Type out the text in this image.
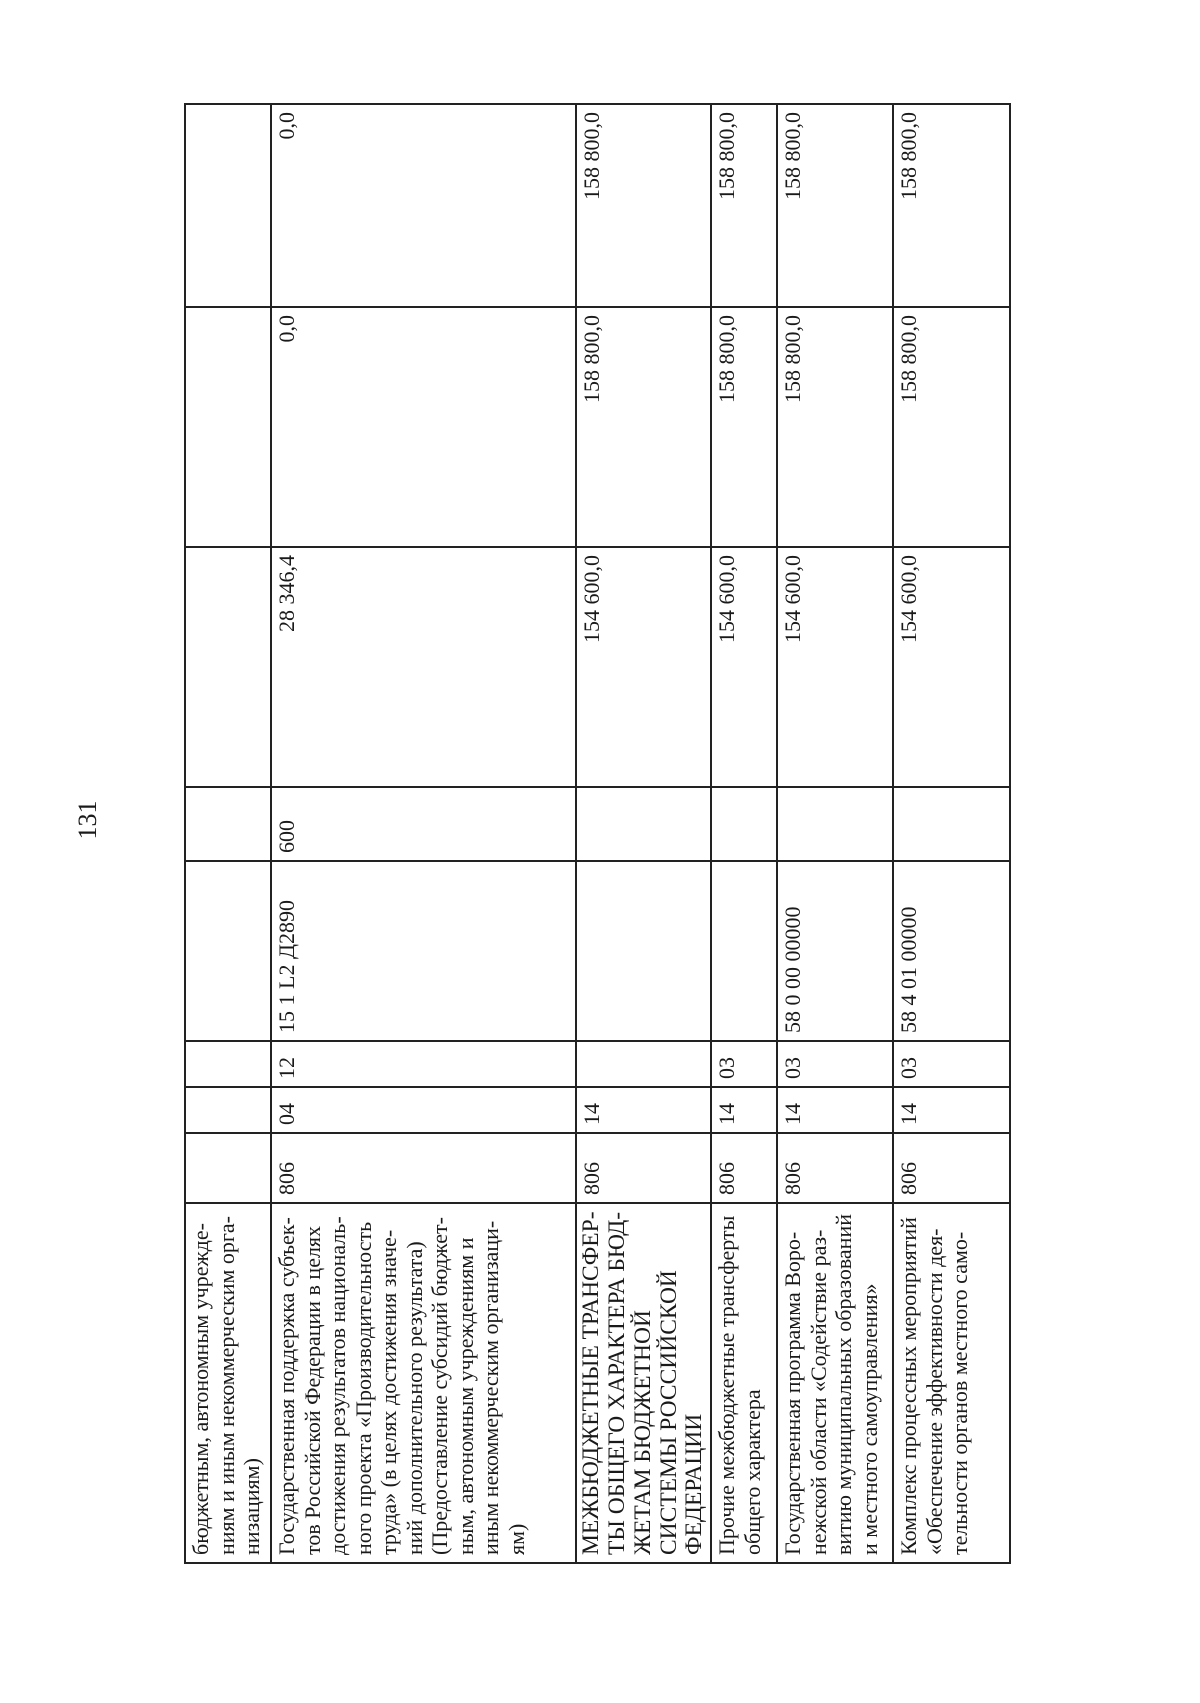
131
бюджетным, автономным учрежде-ниям и иным некоммерческим орга-низациям)								
Государственная поддержка субъек-тов Российской Федерации в целях достижения результатов националь-ного проекта «Производительность труда» (в целях достижения значе-ний дополнительного результата) (Предоставление субсидий бюджет-ным, автономным учреждениям и иным некоммерческим организаци-ям)	806	04	12	15 1 L2 Д2890	600	28 346,4	0,0	0,0
МЕЖБЮДЖЕТНЫЕ ТРАНСФЕР-ТЫ ОБЩЕГО ХАРАКТЕРА БЮД-ЖЕТАМ БЮДЖЕТНОЙ СИСТЕМЫ РОССИЙСКОЙ ФЕДЕРАЦИИ	806	14				154 600,0	158 800,0	158 800,0
Прочие межбюджетные трансферты общего характера	806	14	03			154 600,0	158 800,0	158 800,0
Государственная программа Воро-нежской области «Содействие раз-витию муниципальных образований и местного самоуправления»	806	14	03	58 0 00 00000		154 600,0	158 800,0	158 800,0
Комплекс процессных мероприятий «Обеспечение эффективности дея-тельности органов местного само-	806	14	03	58 4 01 00000		154 600,0	158 800,0	158 800,0
